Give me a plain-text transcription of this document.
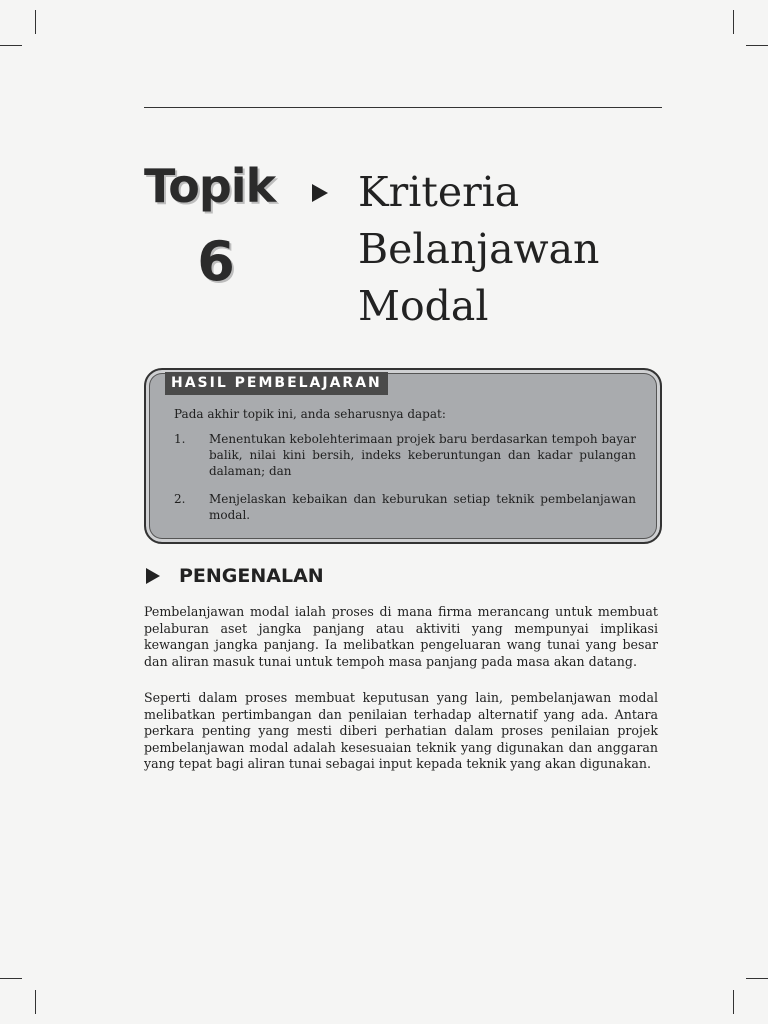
Topik
6
Kriteria
Belanjawan
Modal
HASIL PEMBELAJARAN
Pada akhir topik ini, anda seharusnya dapat:
1. Menentukan kebolehterimaan projek baru berdasarkan tempoh bayar balik, nilai kini bersih, indeks keberuntungan dan kadar pulangan dalaman; dan
2. Menjelaskan kebaikan dan keburukan setiap teknik pembelanjawan modal.
PENGENALAN
Pembelanjawan modal ialah proses di mana firma merancang untuk membuat pelaburan aset jangka panjang atau aktiviti yang mempunyai implikasi kewangan jangka panjang. Ia melibatkan pengeluaran wang tunai yang besar dan aliran masuk tunai untuk tempoh masa panjang pada masa akan datang.
Seperti dalam proses membuat keputusan yang lain, pembelanjawan modal melibatkan pertimbangan dan penilaian terhadap alternatif yang ada. Antara perkara penting yang mesti diberi perhatian dalam proses penilaian projek pembelanjawan modal adalah kesesuaian teknik yang digunakan dan anggaran yang tepat bagi aliran tunai sebagai input kepada teknik yang akan digunakan.
